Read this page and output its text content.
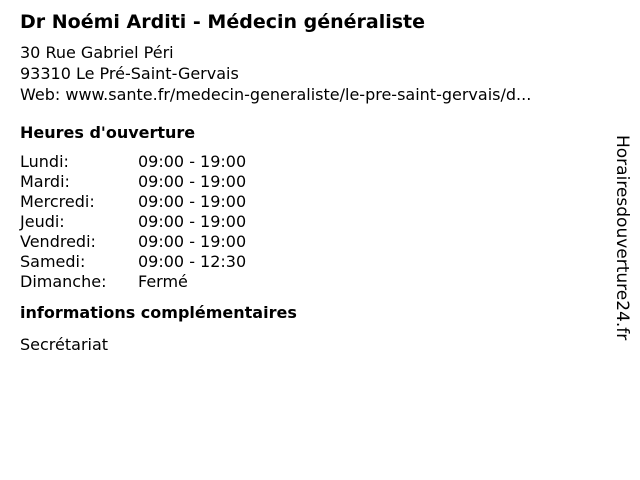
Dr Noémi Arditi - Médecin généraliste
30 Rue Gabriel Péri
93310 Le Pré-Saint-Gervais
Web: www.sante.fr/medecin-generaliste/le-pre-saint-gervais/d...
Heures d'ouverture
Lundi:	09:00 - 19:00
Mardi:	09:00 - 19:00
Mercredi:	09:00 - 19:00
Jeudi:	09:00 - 19:00
Vendredi:	09:00 - 19:00
Samedi:	09:00 - 12:30
Dimanche:	Fermé
informations complémentaires
Secrétariat
Horairesdouverture24.fr
